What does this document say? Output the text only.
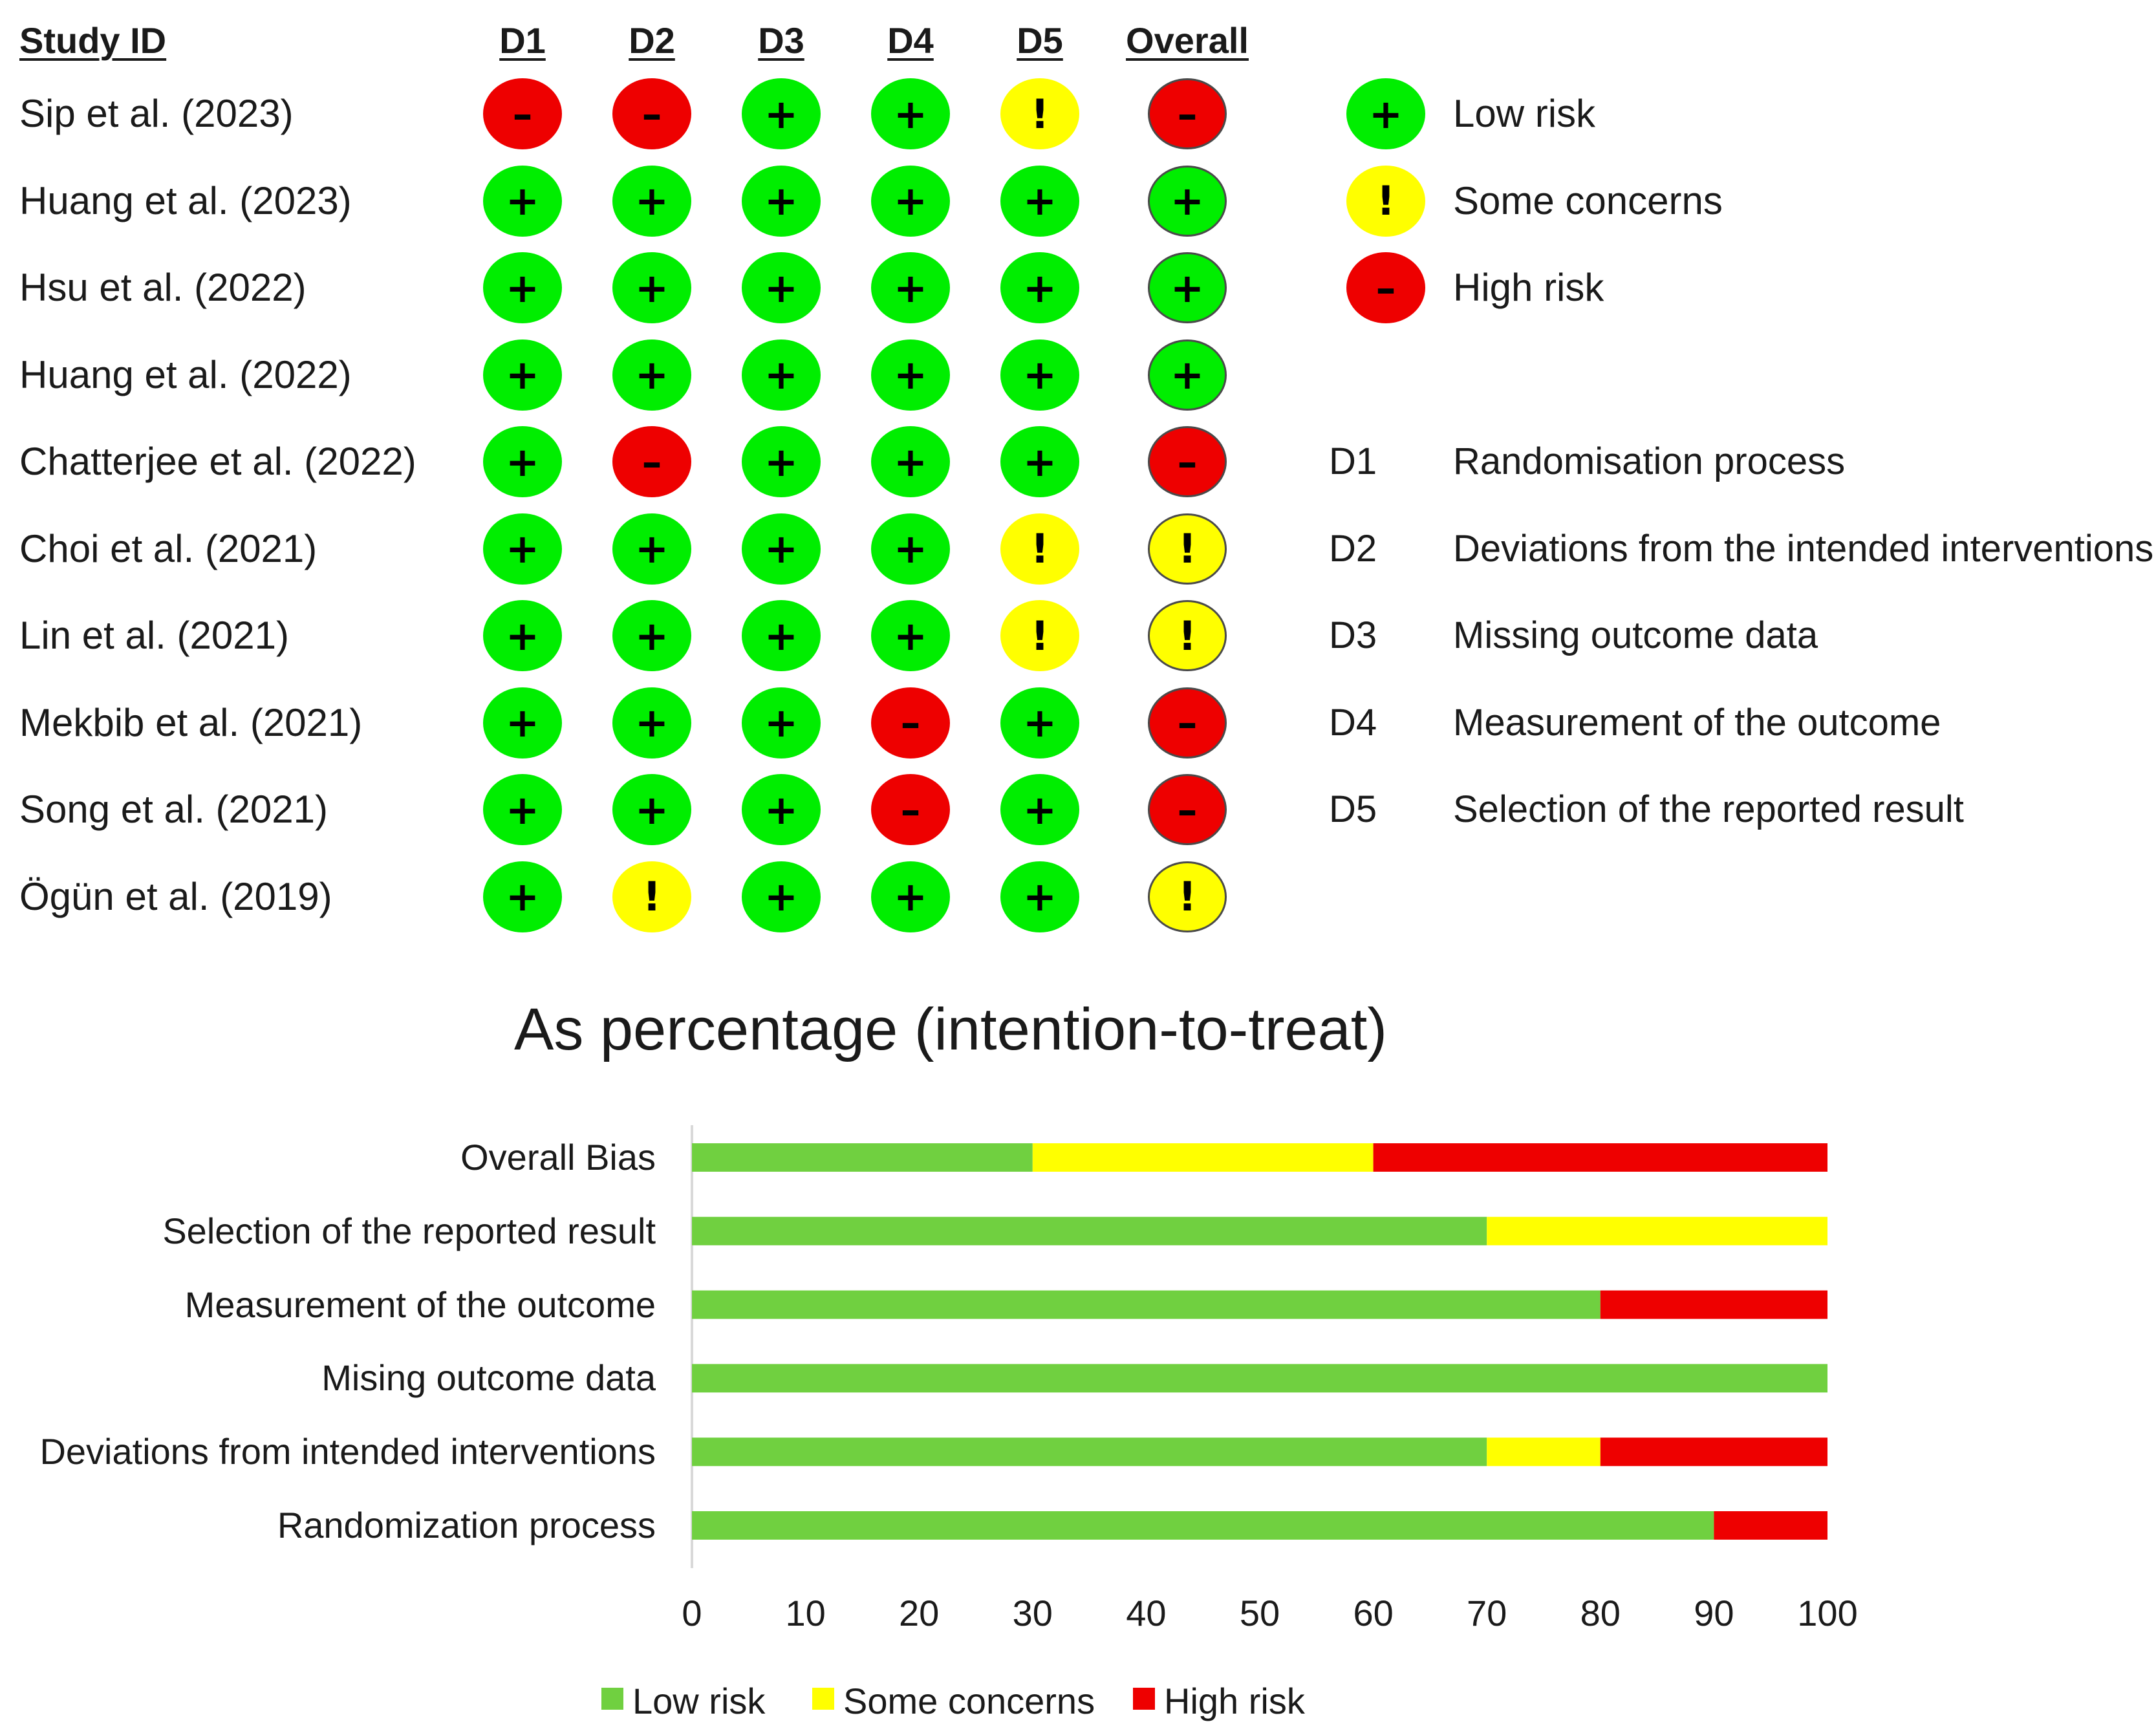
Study ID	D1 D2 D3 D4 D5 Overall
Sip et al. (2023)	–	–	+	+	!	–
Huang et al. (2023)	+	+	+	+	+	+
Hsu et al. (2022)	+	+	+	+	+	+
Huang et al. (2022)	+	+	+	+	+	+
Chatterjee et al. (2022)	+	–	+	+	+	–
Choi et al. (2021)	+	+	+	+	!	!
Lin et al. (2021)	+	+	+	+	!	!
Mekbib et al. (2021)	+	+	+	–	+	–
Song et al. (2021)	+	+	+	–	+	–
Ögün et al. (2019)	+	!	+	+	+	!
+	Low risk
!	Some concerns
–	High risk
D1 Randomisation process
D2 Deviations from the intended interventions
D3 Missing outcome data
D4 Measurement of the outcome
D5 Selection of the reported result
As percentage (intention-to-treat)
Overall Bias
Selection of the reported result
Measurement of the outcome
Mising outcome data
Deviations from intended interventions
Randomization process
0 10 20 30 40 50 60 70 80 90 100
Low risk Some concerns High risk
